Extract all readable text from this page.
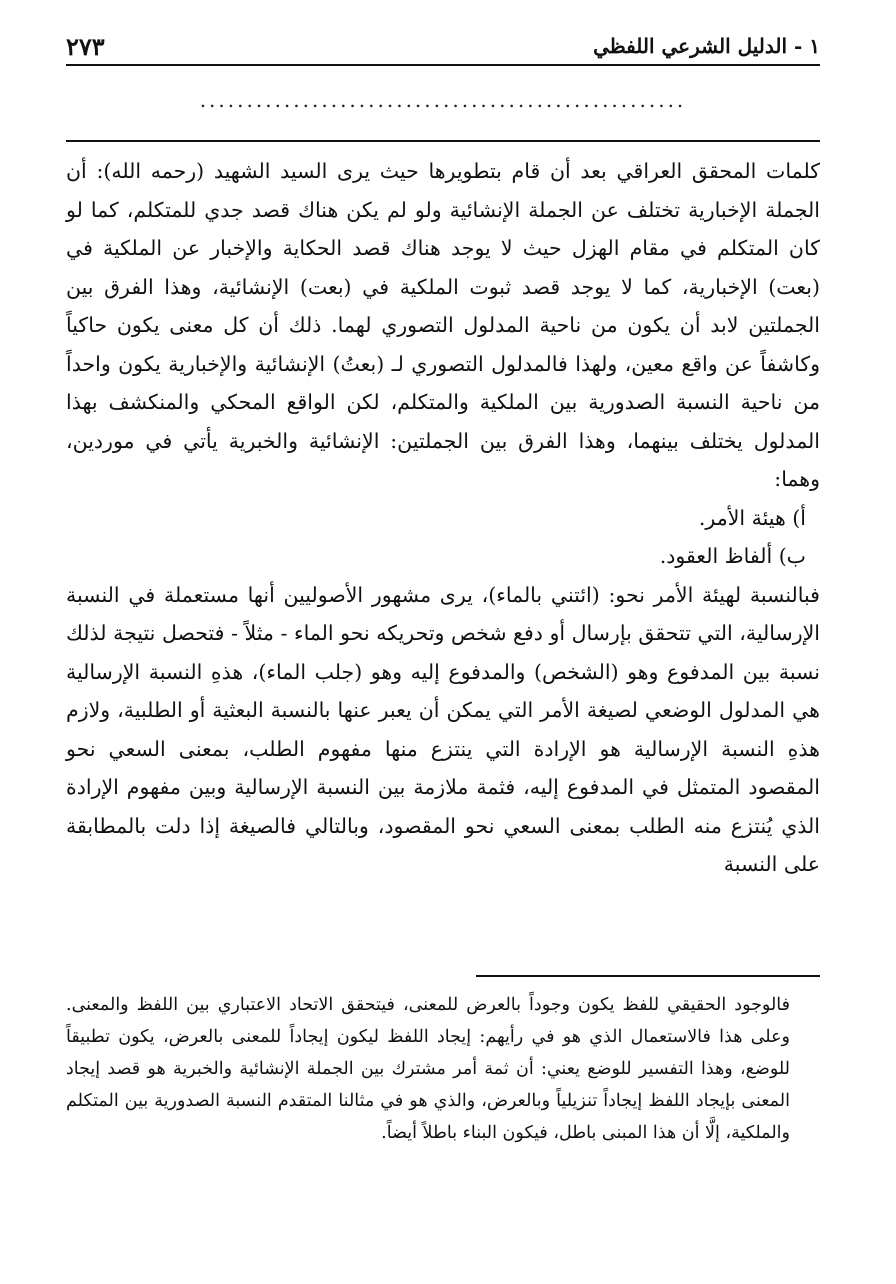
١ - الدليل الشرعي اللفظي
٢٧٣
....................................................

كلمات المحقق العراقي بعد أن قام بتطويرها حيث يرى السيد الشهيد (رحمه الله): أن الجملة الإخبارية تختلف عن الجملة الإنشائية ولو لم يكن هناك قصد جدي للمتكلم، كما لو كان المتكلم في مقام الهزل حيث لا يوجد هناك قصد الحكاية والإخبار عن الملكية في (بعت) الإخبارية، كما لا يوجد قصد ثبوت الملكية في (بعت) الإنشائية، وهذا الفرق بين الجملتين لابد أن يكون من ناحية المدلول التصوري لهما. ذلك أن كل معنى يكون حاكياً وكاشفاً عن واقع معين، ولهذا فالمدلول التصوري لـ (بعتُ) الإنشائية والإخبارية يكون واحداً من ناحية النسبة الصدورية بين الملكية والمتكلم، لكن الواقع المحكي والمنكشف بهذا المدلول يختلف بينهما، وهذا الفرق بين الجملتين: الإنشائية والخبرية يأتي في موردين، وهما:

أ) هيئة الأمر.

ب) ألفاظ العقود.

فبالنسبة لهيئة الأمر نحو: (ائتني بالماء)، يرى مشهور الأصوليين أنها مستعملة في النسبة الإرسالية، التي تتحقق بإرسال أو دفع شخص وتحريكه نحو الماء - مثلاً - فتحصل نتيجة لذلك نسبة بين المدفوع وهو (الشخص) والمدفوع إليه وهو (جلب الماء)، هذهِ النسبة الإرسالية هي المدلول الوضعي لصيغة الأمر التي يمكن أن يعبر عنها بالنسبة البعثية أو الطلبية، ولازم هذهِ النسبة الإرسالية هو الإرادة التي ينتزع منها مفهوم الطلب، بمعنى السعي نحو المقصود المتمثل في المدفوع إليه، فثمة ملازمة بين النسبة الإرسالية وبين مفهوم الإرادة الذي يُنتزع منه الطلب بمعنى السعي نحو المقصود، وبالتالي فالصيغة إذا دلت بالمطابقة على النسبة

فالوجود الحقيقي للفظ يكون وجوداً بالعرض للمعنى، فيتحقق الاتحاد الاعتباري بين اللفظ والمعنى. وعلى هذا فالاستعمال الذي هو في رأيهم: إيجاد اللفظ ليكون إيجاداً للمعنى بالعرض، يكون تطبيقاً للوضع، وهذا التفسير للوضع يعني: أن ثمة أمر مشترك بين الجملة الإنشائية والخبرية هو قصد إيجاد المعنى بإيجاد اللفظ إيجاداً تنزيلياً وبالعرض، والذي هو في مثالنا المتقدم النسبة الصدورية بين المتكلم والملكية، إلَّا أن هذا المبنى باطل، فيكون البناء باطلاً أيضاً.
